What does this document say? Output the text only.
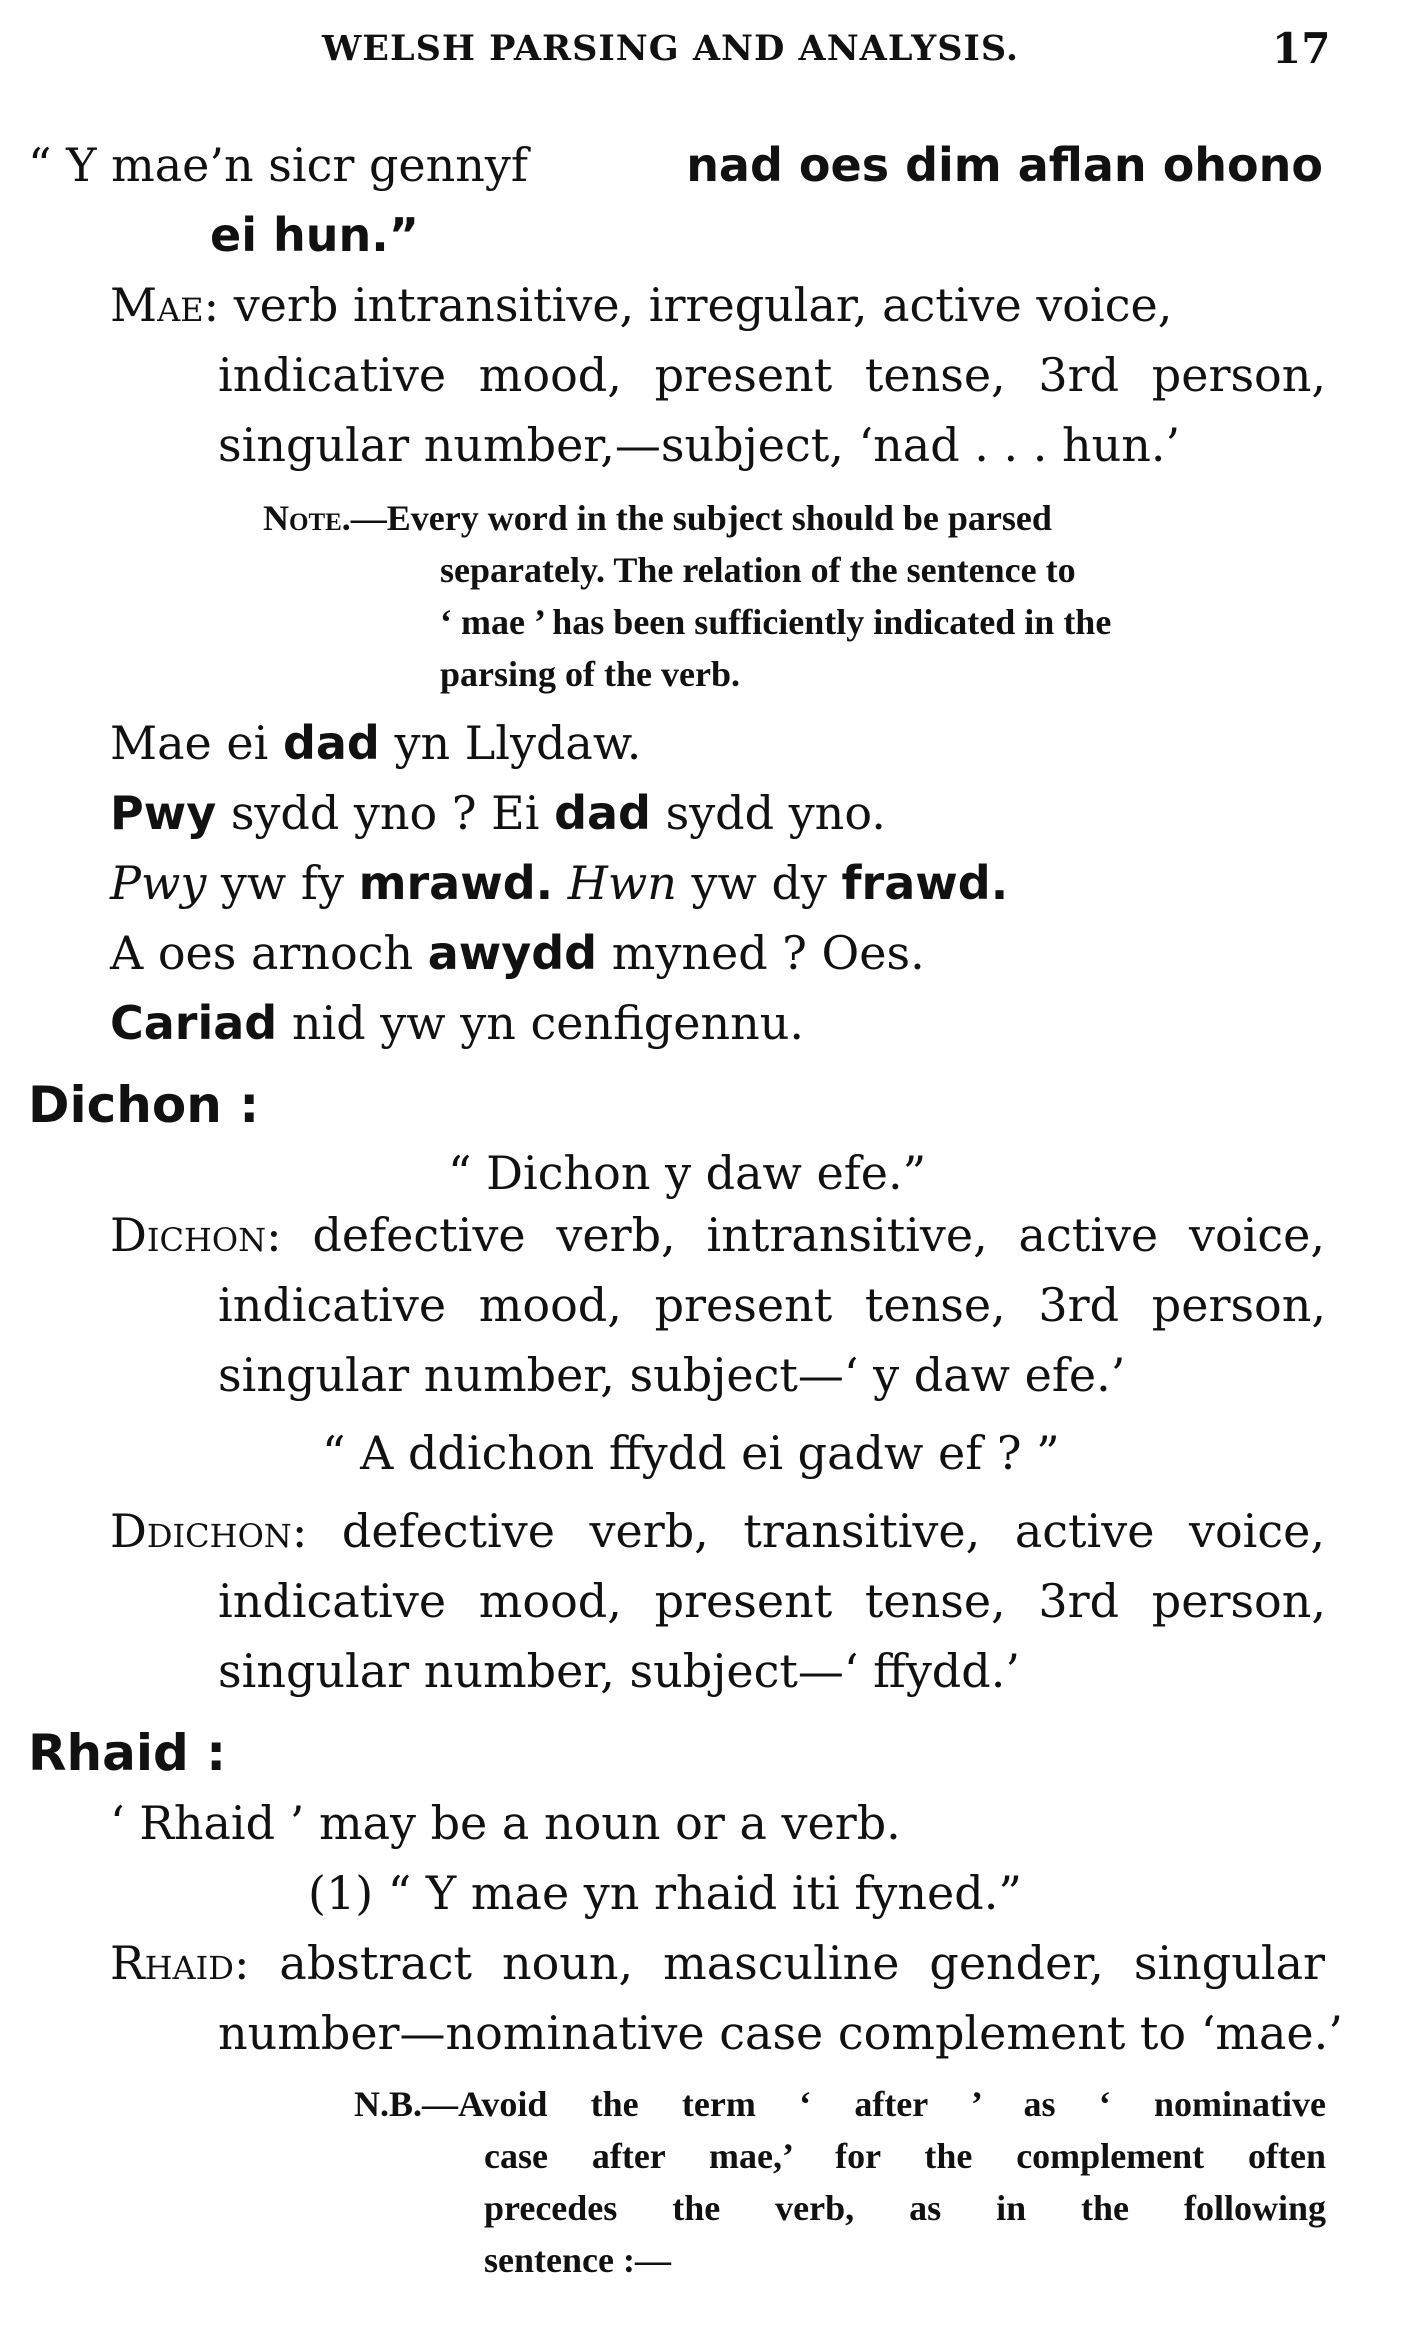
WELSH PARSING AND ANALYSIS.	17
“ Y mae’n sicr gennyf	nad oes dim aflan ohono
ei hun.”
Mae: verb intransitive, irregular, active voice,
indicative mood, present tense, 3rd person,
singular number,—subject, ‘nad . . . hun.’
Note.—Every word in the subject should be parsed
separately. The relation of the sentence to
‘ mae ’ has been sufficiently indicated in the
parsing of the verb.
Mae ei dad yn Llydaw.
Pwy sydd yno ? Ei dad sydd yno.
Pwy yw fy mrawd. Hwn yw dy frawd.
A oes arnoch awydd myned ? Oes.
Cariad nid yw yn cenfigennu.
Dichon :
“ Dichon y daw efe.”
Dichon : defective verb, intransitive, active voice,
indicative mood, present tense, 3rd person,
singular number, subject—‘ y daw efe.’
“ A ddichon ffydd ei gadw ef ? ”
Ddichon : defective verb, transitive, active voice,
indicative mood, present tense, 3rd person,
singular number, subject—‘ ffydd.’
Rhaid :
‘ Rhaid ’ may be a noun or a verb.
(1) “ Y mae yn rhaid iti fyned.”
Rhaid : abstract noun, masculine gender, singular
number—nominative case complement to ‘mae.’
N.B.—Avoid the term ‘ after ’ as ‘ nominative
case after mae,’ for the complement often
precedes the verb, as in the following
sentence :—
